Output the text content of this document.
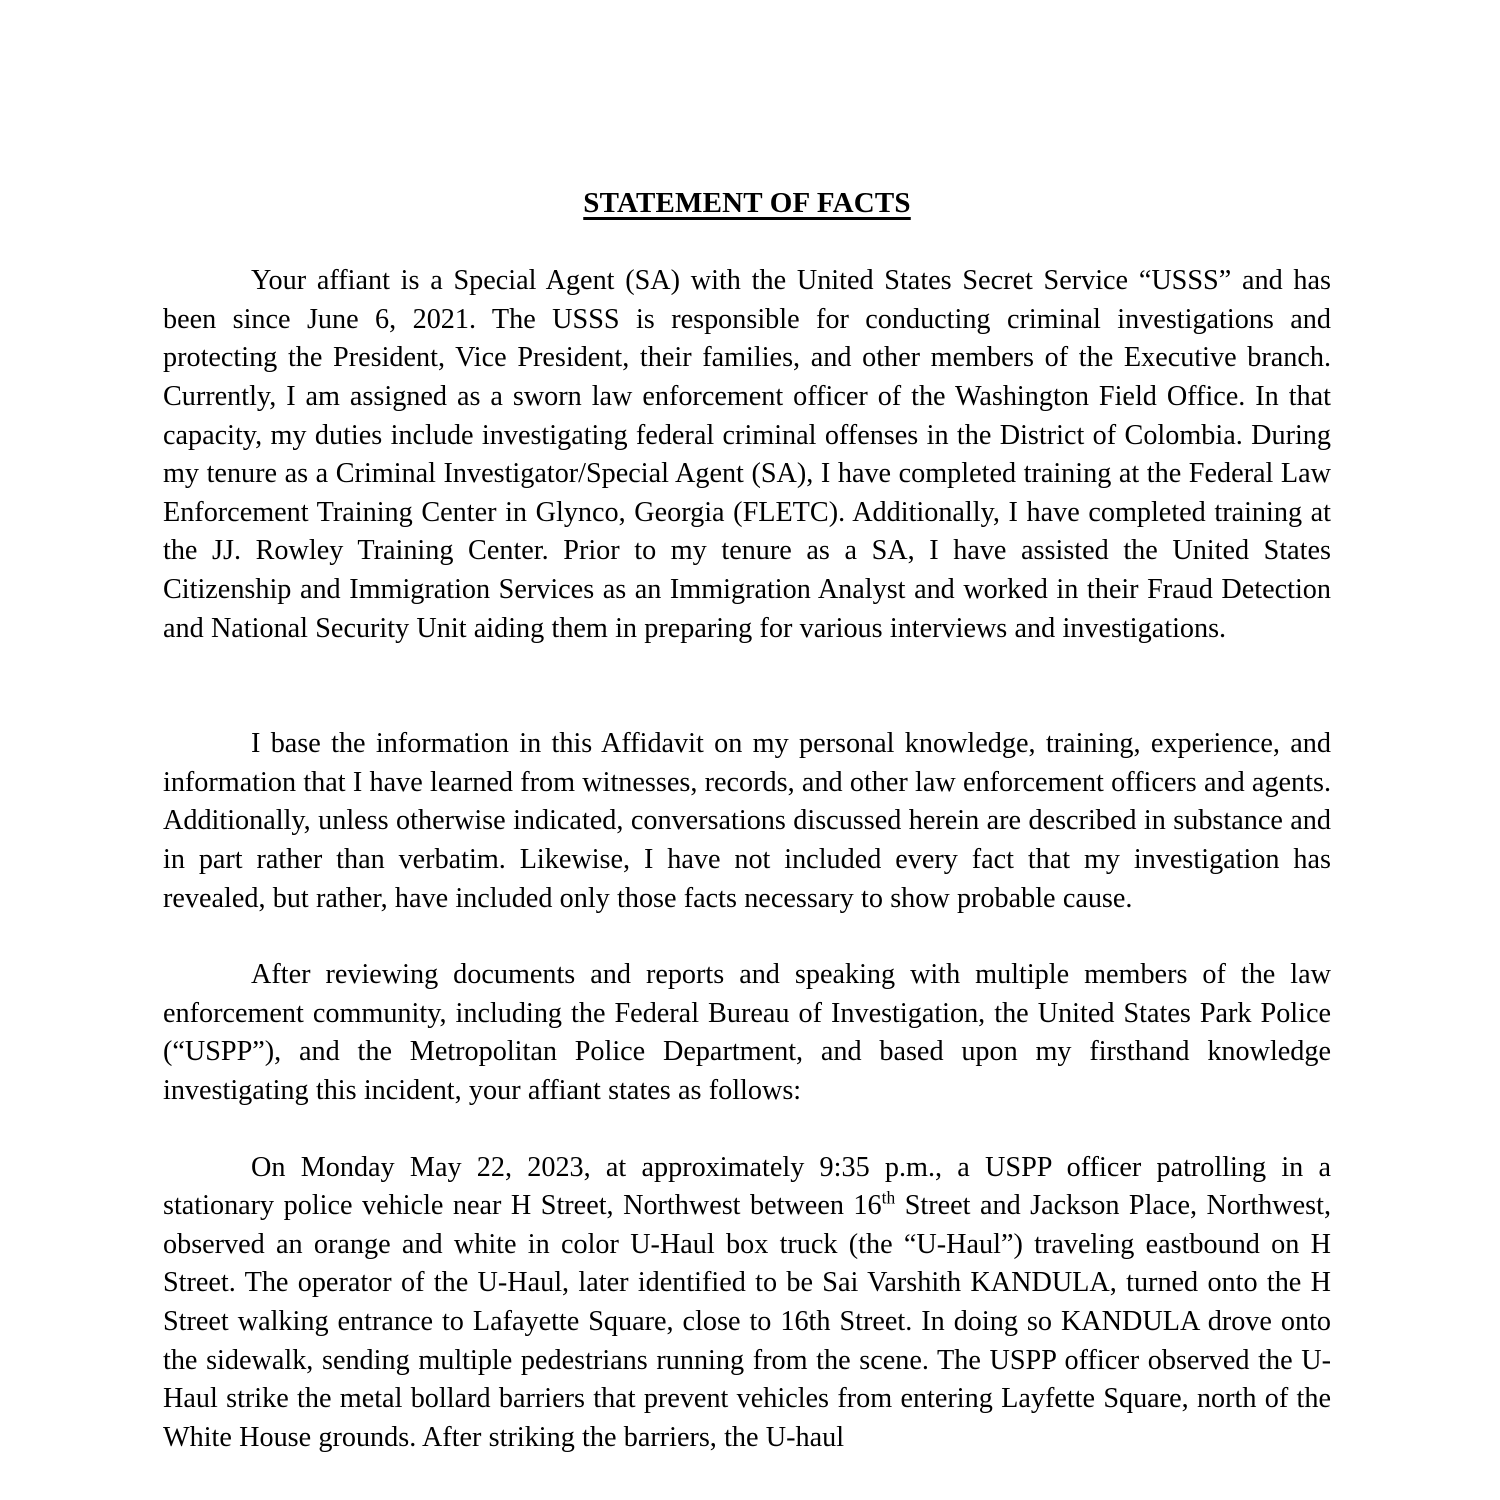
STATEMENT OF FACTS

Your affiant is a Special Agent (SA) with the United States Secret Service “USSS” and has been since June 6, 2021. The USSS is responsible for conducting criminal investigations and protecting the President, Vice President, their families, and other members of the Executive branch. Currently, I am assigned as a sworn law enforcement officer of the Washington Field Office. In that capacity, my duties include investigating federal criminal offenses in the District of Colombia. During my tenure as a Criminal Investigator/Special Agent (SA), I have completed training at the Federal Law Enforcement Training Center in Glynco, Georgia (FLETC). Additionally, I have completed training at the JJ. Rowley Training Center. Prior to my tenure as a SA, I have assisted the United States Citizenship and Immigration Services as an Immigration Analyst and worked in their Fraud Detection and National Security Unit aiding them in preparing for various interviews and investigations.

I base the information in this Affidavit on my personal knowledge, training, experience, and information that I have learned from witnesses, records, and other law enforcement officers and agents. Additionally, unless otherwise indicated, conversations discussed herein are described in substance and in part rather than verbatim. Likewise, I have not included every fact that my investigation has revealed, but rather, have included only those facts necessary to show probable cause.

After reviewing documents and reports and speaking with multiple members of the law enforcement community, including the Federal Bureau of Investigation, the United States Park Police (“USPP”), and the Metropolitan Police Department, and based upon my firsthand knowledge investigating this incident, your affiant states as follows:

On Monday May 22, 2023, at approximately 9:35 p.m., a USPP officer patrolling in a stationary police vehicle near H Street, Northwest between 16th Street and Jackson Place, Northwest, observed an orange and white in color U-Haul box truck (the “U-Haul”) traveling eastbound on H Street. The operator of the U-Haul, later identified to be Sai Varshith KANDULA, turned onto the H Street walking entrance to Lafayette Square, close to 16th Street. In doing so KANDULA drove onto the sidewalk, sending multiple pedestrians running from the scene. The USPP officer observed the U-Haul strike the metal bollard barriers that prevent vehicles from entering Layfette Square, north of the White House grounds. After striking the barriers, the U-haul
